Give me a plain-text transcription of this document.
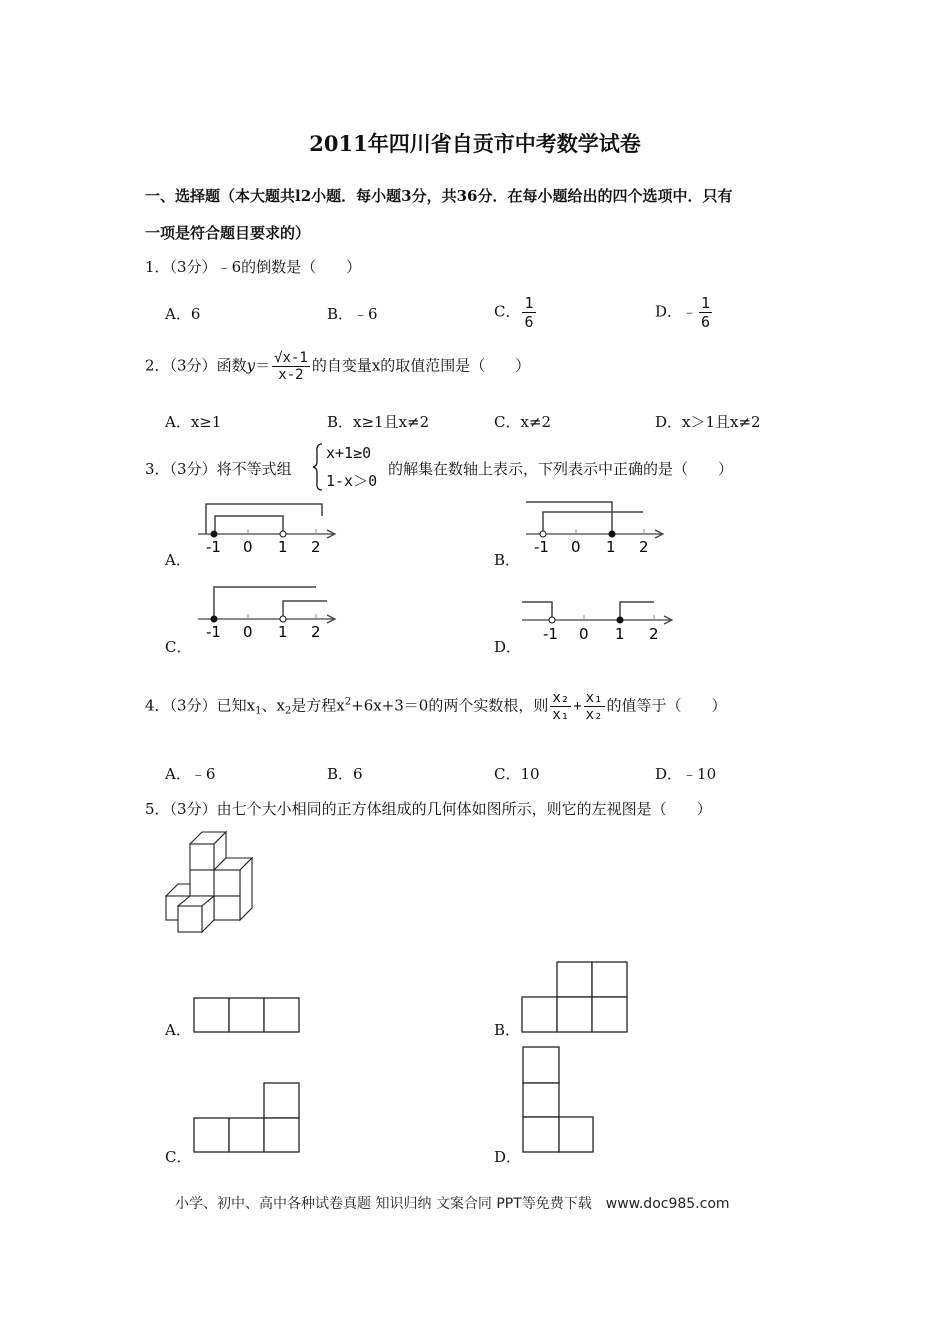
2011年四川省自贡市中考数学试卷
一、选择题（本大题共l2小题．每小题3分，共36分．在每小题给出的四个选项中．只有
一项是符合题目要求的）
1．（3分）﹣6的倒数是（　　）
A．6	B．﹣6	C． $\frac{1}{6}$	D．﹣ $\frac{1}{6}$
2．（3分）函数$y= \frac{√x-1}{x-2}$ 的自变量x的取值范围是（　　）
A．x≥1	B．x≥1且x≠2	C．x≠2	D．x＞1且x≠2
3．（3分）将不等式组
x+1≥0
1-x＞0
的解集在数轴上表示，下列表示中正确的是（　　）
A．
-1 0 1 2
B．
-1 0 1 2
C．
-1 0 1 2
D．
-1 0 1 2
4．（3分）已知$x_1$、$x_2$是方程$x^2+6x+3=0$的两个实数根，则 $\frac{\text{x₂}}{\text{x₁}} + \frac{\text{x₁}}{\text{x₂}}$ 的值等于（　　）
A．﹣6	B．6	C．10	D．﹣10
5．（3分）由七个大小相同的正方体组成的几何体如图所示，则它的左视图是（　　）
A．	B．
C．	D．
小学、初中、高中各种试卷真题 知识归纳 文案合同 PPT等免费下载　www.doc985.com
